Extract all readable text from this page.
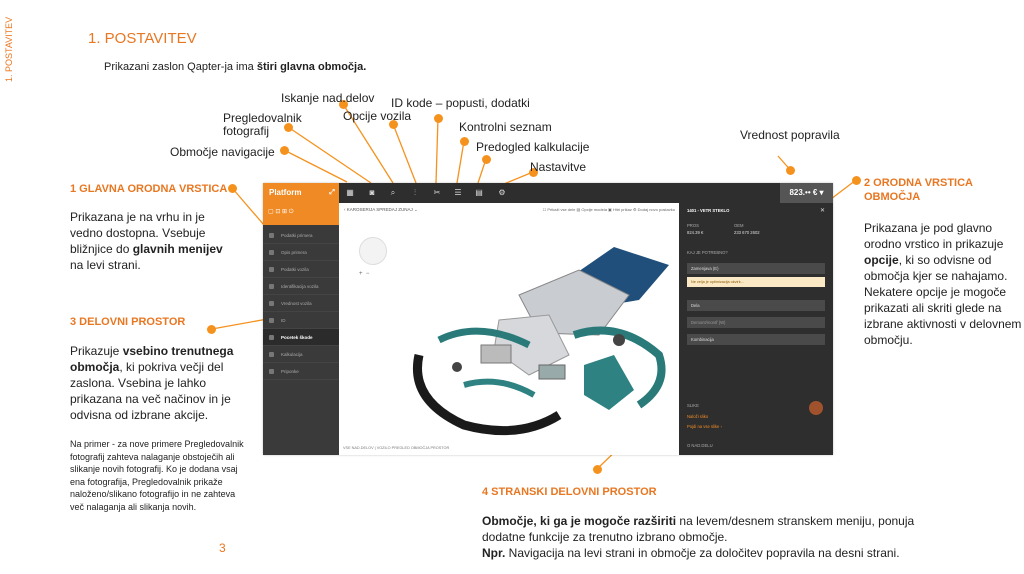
1. POSTAVITEV	1. POSTAVITEV
Prikazani zaslon Qapter-ja ima štiri glavna območja.
Iskanje nad.delov ID kode – popusti, dodatki
Opcije vozila
Pregledovalnik
fotografij	Kontrolni seznam
Predogled kalkulacije
Območje navigacije
Nastavitve
Vrednost popravila
1 GLAVNA ORODNA VRSTICA
Prikazana je na vrhu in je vedno dostopna. Vsebuje bližnjice do glavnih menijev na levi strani.
3 DELOVNI PROSTOR
Prikazuje vsebino trenutnega območja, ki pokriva večji del zaslona. Vsebina je lahko prikazana na več načinov in je odvisna od izbrane akcije.
Na primer - za nove primere Pregledovalnik fotografij zahteva nalaganje obstoječih ali slikanje novih fotografij. Ko je dodana vsaj ena fotografija, Pregledovalnik prikaže naloženo/slikano fotografijo in ne zahteva več nalaganja ali slikanja novih.
2 ORODNA VRSTICA
OBMOČJA
Prikazana je pod glavno orodno vrstico in prikazuje opcije, ki so odvisne od območja kjer se nahajamo. Nekatere opcije je mogoče prikazati ali skriti glede na izbrane aktivnosti v delovnem območju.
4 STRANSKI DELOVNI PROSTOR
Območje, ki ga je mogoče razširiti na levem/desnem stranskem meniju, ponuja dodatne funkcije za trenutno izbrano območje.
Npr. Navigacija na levi strani in območje za določitev popravila na desni strani.
3
Platform	⤢ ▦	◙	⌕	⫶	✂	☰	▤	⚙	823.•• € ▾
▢ ⊡ ⊞ ⏻
Podatki primera
Opis primera
Podatki vozila
Identifikacija vozila
Vrednost vozila
ID
Pocetek škode
Kalkulacija
Priponke
‹ KAROSERIJA SPREDAJ ZUNAJ ⌄	☐ Prikaži vse dele ▤ Opcije modela ▣ Hitri prikaz ⚙ Dodaj novo postavko
+  −
VSE NAD.DELOV | VOZILO PREGLED OBMOČJA PROSTOR
1401 - VETR STEKLO	✕
PROS
824.39 €
OEM
233 670 2602
KAJ JE POTREBNO?
Zamenjava (E)
Ne velja je optimizacija okvirk...
Dela
Demont/montř (W)
Kombinacija
SLIKE
Naloži sliko
Pojdi na vse slike ›
O NAD.DELU
